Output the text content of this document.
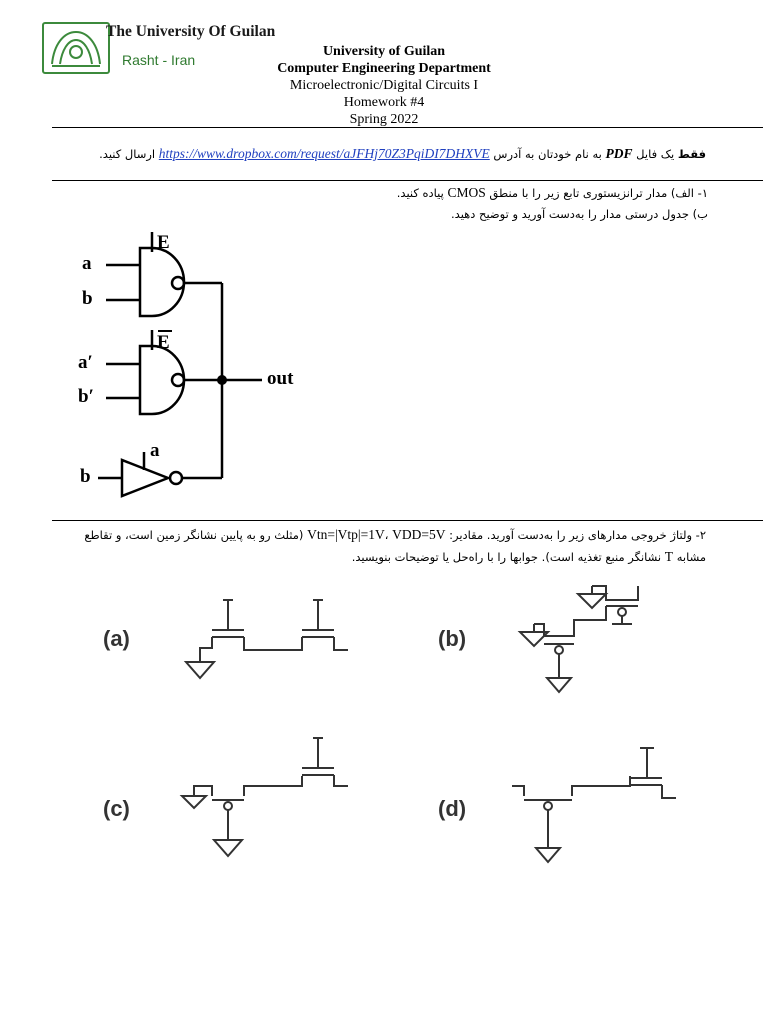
The University Of Guilan
Rasht - Iran
University of Guilan
Computer Engineering Department
Microelectronic/Digital Circuits I
Homework #4
Spring 2022
فقط یک فایل PDF به نام خودتان به آدرس https://www.dropbox.com/request/aJFHj70Z3PqiDI7DHXVE ارسال کنید.
۱- الف) مدار ترانزیستوری تابع زیر را با منطق CMOS پیاده کنید.
ب) جدول درستی مدار را به‌دست آورید و توضیح دهید.
a
b
E
E
a′
b′
out
a
b
۲- ولتاژ خروجی مدارهای زیر را به‌دست آورید. مقادیر: Vtn=|Vtp|=1V، VDD=5V (مثلث رو به پایین نشانگر زمین است، و تقاطع
مشابه T نشانگر منبع تغذیه است). جوابها را با راه‌حل یا توضیحات بنویسید.
(a)	(b)
(c)	(d)
